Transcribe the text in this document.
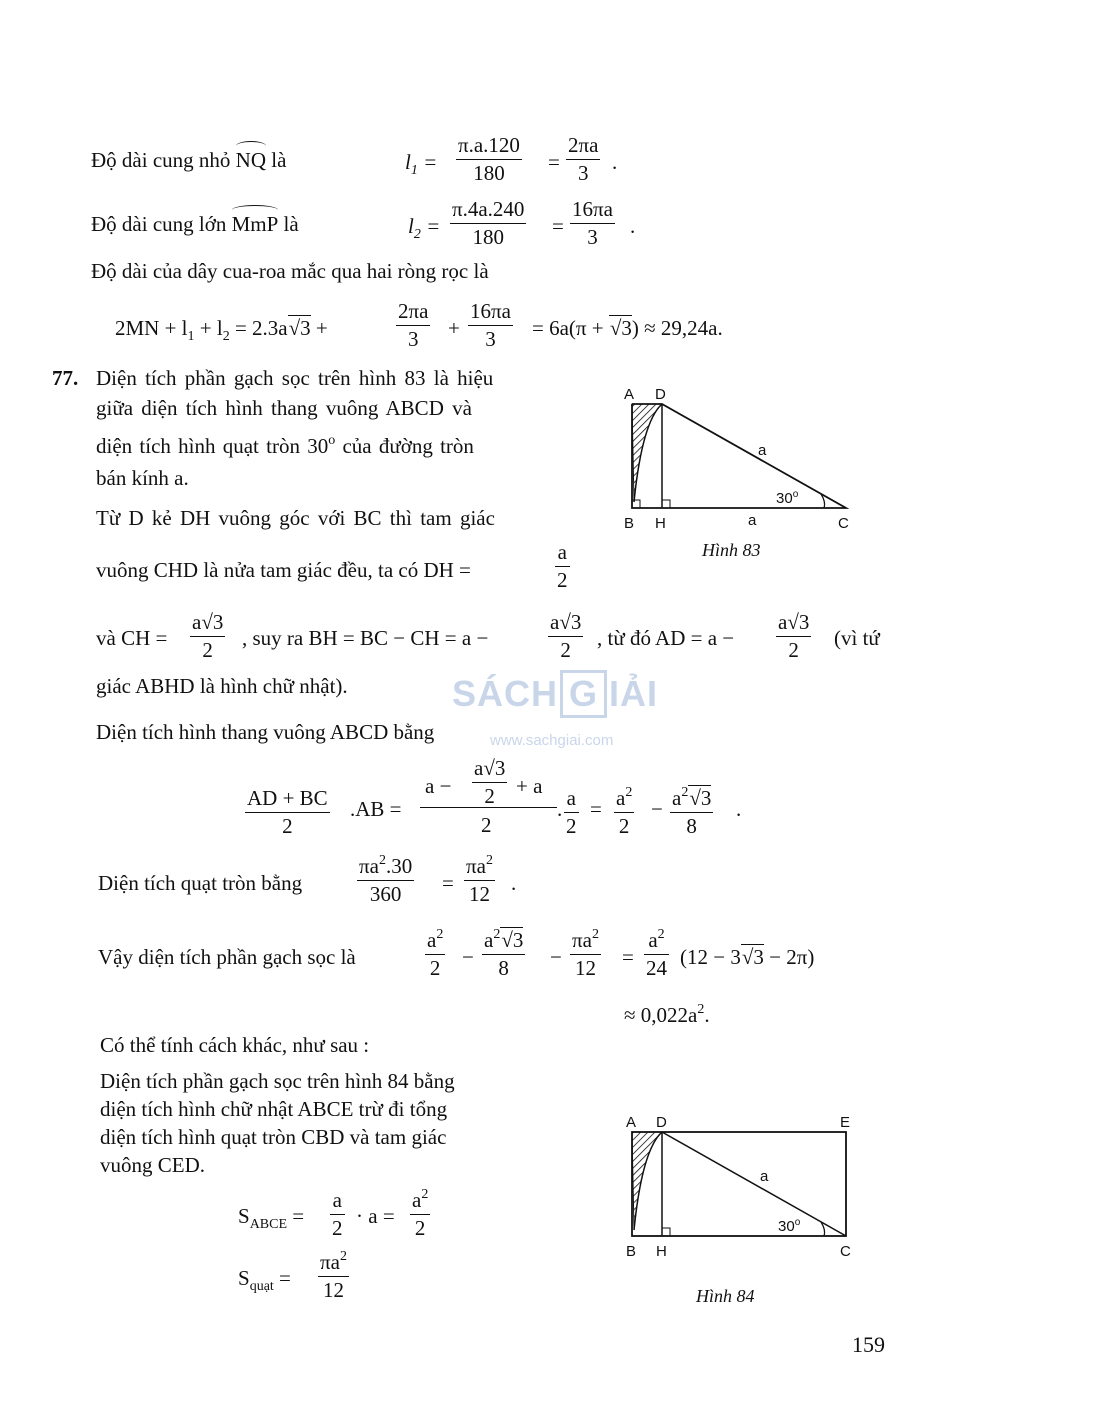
Độ dài cung nhỏ NQ là	$l_1 = \frac{\pi.a.120}{180} = \frac{2\pi a}{3}$ .
Độ dài cung lớn MmP là	$l_2 = \frac{\pi.4a.240}{180} = \frac{16\pi a}{3}$ .
Độ dài của dây cua-roa mắc qua hai ròng rọc là
$2MN + l_1 + l_2 = 2.3a√3$ +	$\frac{2\pi a}{3} + \frac{16\pi a}{3} = 6a(\pi + √3) \approx 29,24a$.
77. Diện tích phần gạch sọc trên hình 83 là hiệu
giữa diện tích hình thang vuông ABCD và
diện tích hình quạt tròn 30$^o$ của đường tròn
bán kính a.
Từ D kẻ DH vuông góc với BC thì tam giác
vuông CHD là nửa tam giác đều, ta có DH =	$\frac{a}{2}$
và CH = $\frac{a√3}{2}$ , suy ra BH = BC − CH = a −	$\frac{a√3}{2}$ , từ đó AD = $a - \frac{a√3}{2}$ (vì tứ
giác ABHD là hình chữ nhật).	SÁCH G IẢI
www.sachgiai.com
Diện tích hình thang vuông ABCD bằng
$\frac{AD + BC}{2} .AB$ =
$a - \frac{a√3}{2} + a$
2
. $\frac{a}{2} = \frac{a^2}{2} - \frac{a^2√3}{8}$ .
Diện tích quạt tròn bằng	$\frac{\pi a^2.30}{360} = \frac{\pi a^2}{12}$ .
Vậy diện tích phần gạch sọc là	$\frac{a^2}{2} - \frac{a^2√3}{8} - \frac{\pi a^2}{12} = \frac{a^2}{24} (12 - 3√3 - 2\pi)$
≈ $0,022a^2$.
Có thể tính cách khác, như sau :
Diện tích phần gạch sọc trên hình 84 bằng
diện tích hình chữ nhật ABCE trừ đi tổng
diện tích hình quạt tròn CBD và tam giác
vuông CED.
$S_{ABCE} = \frac{a}{2} \cdot a = \frac{a^2}{2}$
$S_{quạt} = \frac{\pi a^2}{12}$
A D
B H	C
a
a
30$^o$
Hình 83
A D	E
B H	C
a
30$^o$
Hình 84
159
